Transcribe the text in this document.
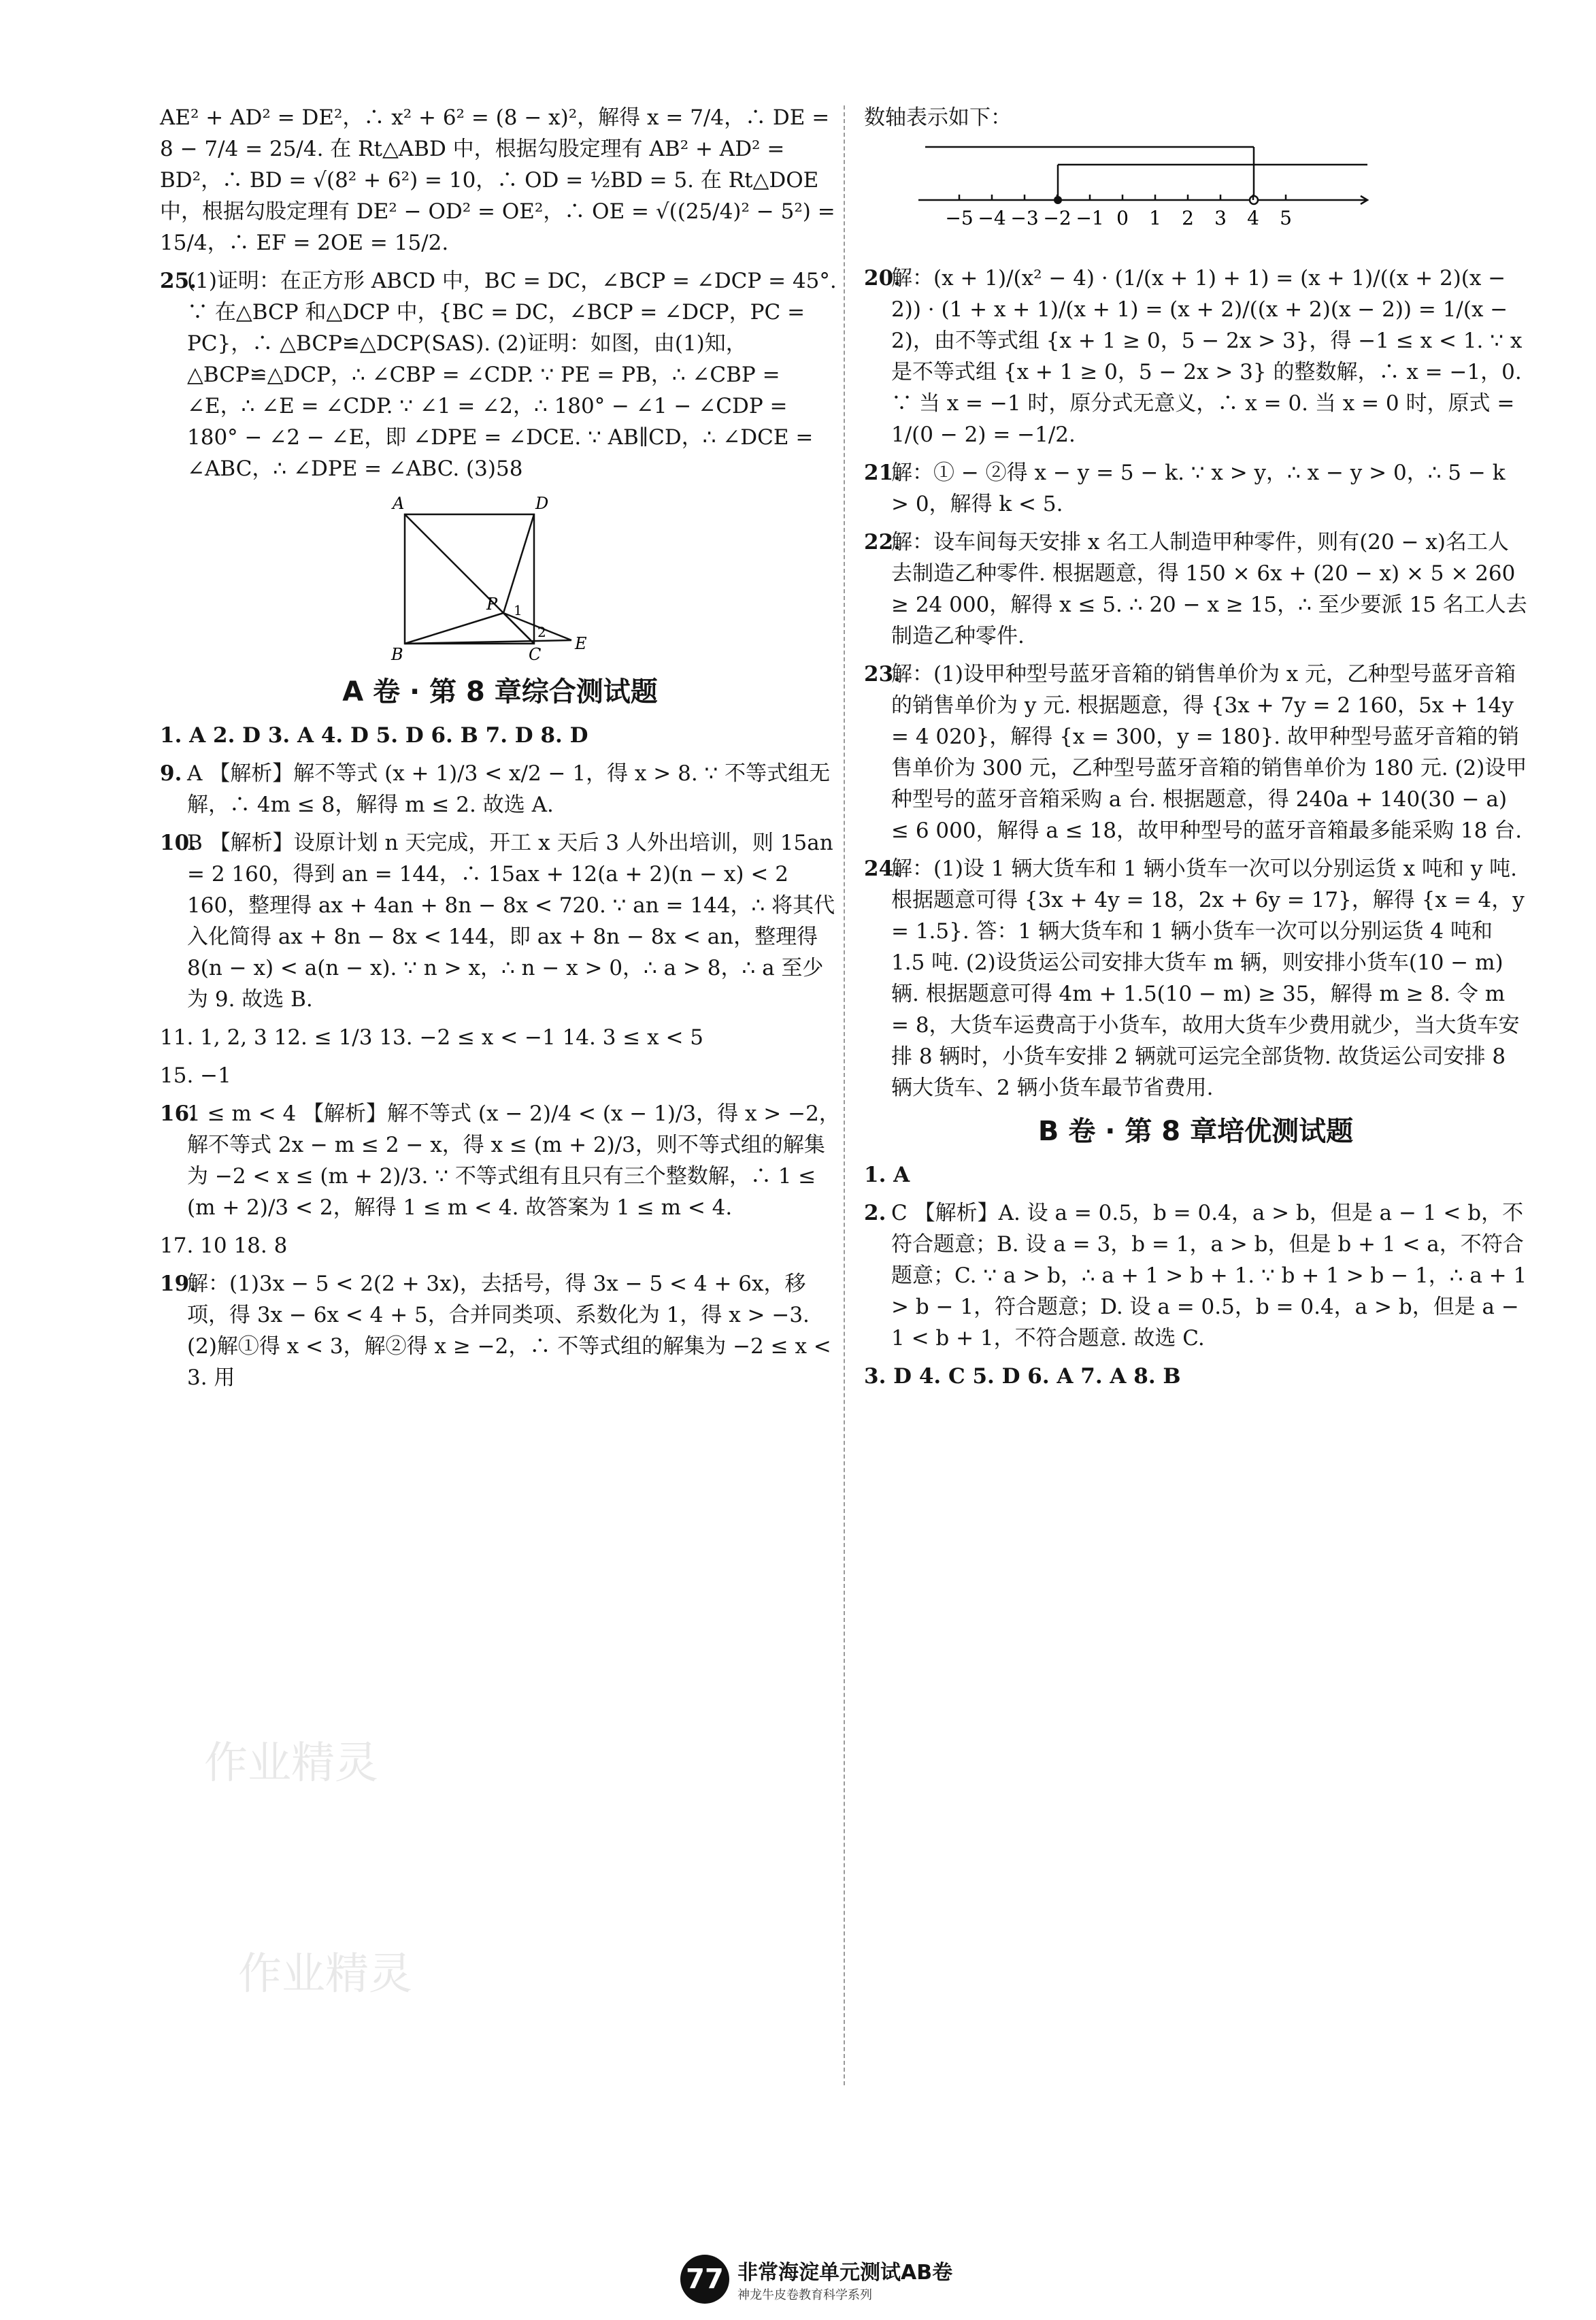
作业精灵
作业精灵

AE² + AD² = DE²，∴ x² + 6² = (8 − x)²，解得 x = 7/4，∴ DE = 8 − 7/4 = 25/4. 在 Rt△ABD 中，根据勾股定理有 AB² + AD² = BD²，∴ BD = √(8² + 6²) = 10，∴ OD = ½BD = 5. 在 Rt△DOE 中，根据勾股定理有 DE² − OD² = OE²，∴ OE = √((25/4)² − 5²) = 15/4，∴ EF = 2OE = 15/2.

25.
(1)证明：在正方形 ABCD 中，BC = DC，∠BCP = ∠DCP = 45°. ∵ 在△BCP 和△DCP 中，{BC = DC，∠BCP = ∠DCP，PC = PC}，∴ △BCP≌△DCP(SAS). (2)证明：如图，由(1)知，△BCP≌△DCP，∴ ∠CBP = ∠CDP. ∵ PE = PB，∴ ∠CBP = ∠E，∴ ∠E = ∠CDP. ∵ ∠1 = ∠2，∴ 180° − ∠1 − ∠CDP = 180° − ∠2 − ∠E，即 ∠DPE = ∠DCE. ∵ AB∥CD，∴ ∠DCE = ∠ABC，∴ ∠DPE = ∠ABC. (3)58
A	D
B	C
E
P 1
2
A 卷 · 第 8 章综合测试题

1. A 2. D 3. A 4. D 5. D 6. B 7. D 8. D

9. A 【解析】解不等式 (x + 1)/3 < x/2 − 1，得 x > 8. ∵ 不等式组无解，∴ 4m ≤ 8，解得 m ≤ 2. 故选 A.
10.
B 【解析】设原计划 n 天完成，开工 x 天后 3 人外出培训，则 15an = 2 160，得到 an = 144，∴ 15ax + 12(a + 2)(n − x) < 2 160，整理得 ax + 4an + 8n − 8x < 720. ∵ an = 144，∴ 将其代入化简得 ax + 8n − 8x < 144，即 ax + 8n − 8x < an，整理得 8(n − x) < a(n − x). ∵ n > x，∴ n − x > 0，∴ a > 8，∴ a 至少为 9. 故选 B.

11. 1, 2, 3 12. ≤ 1/3 13. −2 ≤ x < −1 14. 3 ≤ x < 5

15. −1

16.
1 ≤ m < 4 【解析】解不等式 (x − 2)/4 < (x − 1)/3，得 x > −2，解不等式 2x − m ≤ 2 − x，得 x ≤ (m + 2)/3，则不等式组的解集为 −2 < x ≤ (m + 2)/3. ∵ 不等式组有且只有三个整数解，∴ 1 ≤ (m + 2)/3 < 2，解得 1 ≤ m < 4. 故答案为 1 ≤ m < 4.

17. 10 18. 8

19.
解：(1)3x − 5 < 2(2 + 3x)，去括号，得 3x − 5 < 4 + 6x，移项，得 3x − 6x < 4 + 5，合并同类项、系数化为 1，得 x > −3. (2)解①得 x < 3，解②得 x ≥ −2，∴ 不等式组的解集为 −2 ≤ x < 3. 用

数轴表示如下：

−5 −4 −3 −2 −1 0 1 2 3 4 5
20.
解：(x + 1)/(x² − 4) · (1/(x + 1) + 1) = (x + 1)/((x + 2)(x − 2)) · (1 + x + 1)/(x + 1) = (x + 2)/((x + 2)(x − 2)) = 1/(x − 2)，由不等式组 {x + 1 ≥ 0，5 − 2x > 3}，得 −1 ≤ x < 1. ∵ x 是不等式组 {x + 1 ≥ 0，5 − 2x > 3} 的整数解，∴ x = −1，0. ∵ 当 x = −1 时，原分式无意义，∴ x = 0. 当 x = 0 时，原式 = 1/(0 − 2) = −1/2.
21.
解：① − ②得 x − y = 5 − k. ∵ x > y，∴ x − y > 0，∴ 5 − k > 0，解得 k < 5.
22.
解：设车间每天安排 x 名工人制造甲种零件，则有(20 − x)名工人去制造乙种零件. 根据题意，得 150 × 6x + (20 − x) × 5 × 260 ≥ 24 000，解得 x ≤ 5. ∴ 20 − x ≥ 15，∴ 至少要派 15 名工人去制造乙种零件.
23.
解：(1)设甲种型号蓝牙音箱的销售单价为 x 元，乙种型号蓝牙音箱的销售单价为 y 元. 根据题意，得 {3x + 7y = 2 160，5x + 14y = 4 020}，解得 {x = 300，y = 180}. 故甲种型号蓝牙音箱的销售单价为 300 元，乙种型号蓝牙音箱的销售单价为 180 元. (2)设甲种型号的蓝牙音箱采购 a 台. 根据题意，得 240a + 140(30 − a) ≤ 6 000，解得 a ≤ 18，故甲种型号的蓝牙音箱最多能采购 18 台.
24.
解：(1)设 1 辆大货车和 1 辆小货车一次可以分别运货 x 吨和 y 吨. 根据题意可得 {3x + 4y = 18，2x + 6y = 17}，解得 {x = 4，y = 1.5}. 答：1 辆大货车和 1 辆小货车一次可以分别运货 4 吨和 1.5 吨. (2)设货运公司安排大货车 m 辆，则安排小货车(10 − m)辆. 根据题意可得 4m + 1.5(10 − m) ≥ 35，解得 m ≥ 8. 令 m = 8，大货车运费高于小货车，故用大货车少费用就少，当大货车安排 8 辆时，小货车安排 2 辆就可运完全部货物. 故货运公司安排 8 辆大货车、2 辆小货车最节省费用.
B 卷 · 第 8 章培优测试题

1. A

2. C 【解析】A. 设 a = 0.5，b = 0.4，a > b，但是 a − 1 < b，不符合题意；B. 设 a = 3，b = 1，a > b，但是 b + 1 < a，不符合题意；C. ∵ a > b，∴ a + 1 > b + 1. ∵ b + 1 > b − 1，∴ a + 1 > b − 1，符合题意；D. 设 a = 0.5，b = 0.4，a > b，但是 a − 1 < b + 1，不符合题意. 故选 C.

3. D 4. C 5. D 6. A 7. A 8. B

77 非常海淀单元测试AB卷
神龙牛皮卷教育科学系列
